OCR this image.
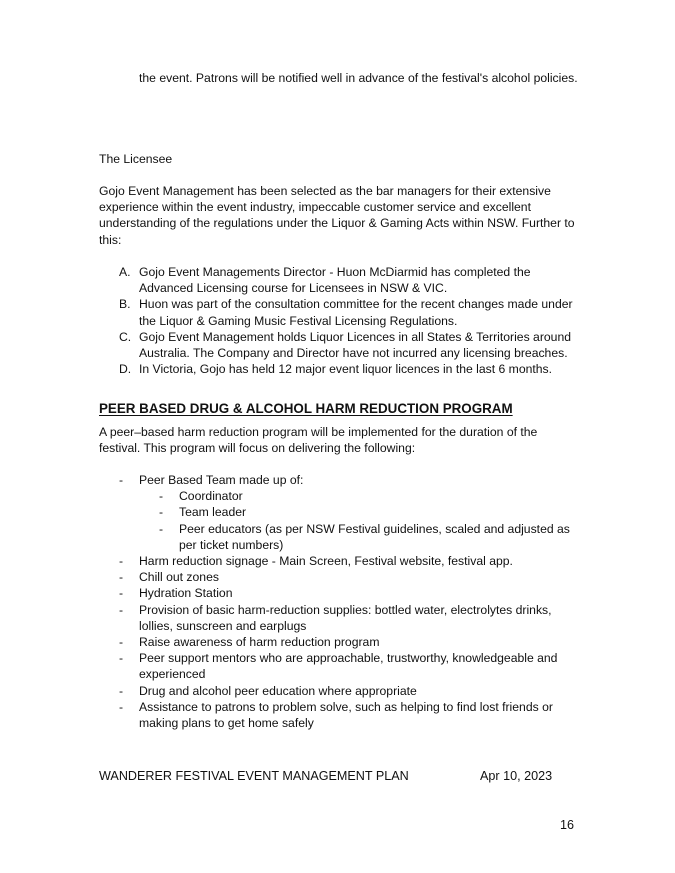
the event. Patrons will be notified well in advance of the festival's alcohol policies.

The Licensee

Gojo Event Management has been selected as the bar managers for their extensive experience within the event industry, impeccable customer service and excellent understanding of the regulations under the Liquor & Gaming Acts within NSW. Further to this:

A. Gojo Event Managements Director - Huon McDiarmid has completed the Advanced Licensing course for Licensees in NSW & VIC.
B. Huon was part of the consultation committee for the recent changes made under the Liquor & Gaming Music Festival Licensing Regulations.
C. Gojo Event Management holds Liquor Licences in all States & Territories around Australia. The Company and Director have not incurred any licensing breaches.
D. In Victoria, Gojo has held 12 major event liquor licences in the last 6 months.
PEER BASED DRUG & ALCOHOL HARM REDUCTION PROGRAM

A peer–based harm reduction program will be implemented for the duration of the festival. This program will focus on delivering the following:

- Peer Based Team made up of:
- Coordinator
- Team leader
- Peer educators (as per NSW Festival guidelines, scaled and adjusted as per ticket numbers)
- Harm reduction signage - Main Screen, Festival website, festival app.
- Chill out zones
- Hydration Station
- Provision of basic harm-reduction supplies: bottled water, electrolytes drinks, lollies, sunscreen and earplugs
- Raise awareness of harm reduction program
- Peer support mentors who are approachable, trustworthy, knowledgeable and experienced
- Drug and alcohol peer education where appropriate
- Assistance to patrons to problem solve, such as helping to find lost friends or making plans to get home safely

WANDERER FESTIVAL EVENT MANAGEMENT PLAN	Apr 10, 2023

16
